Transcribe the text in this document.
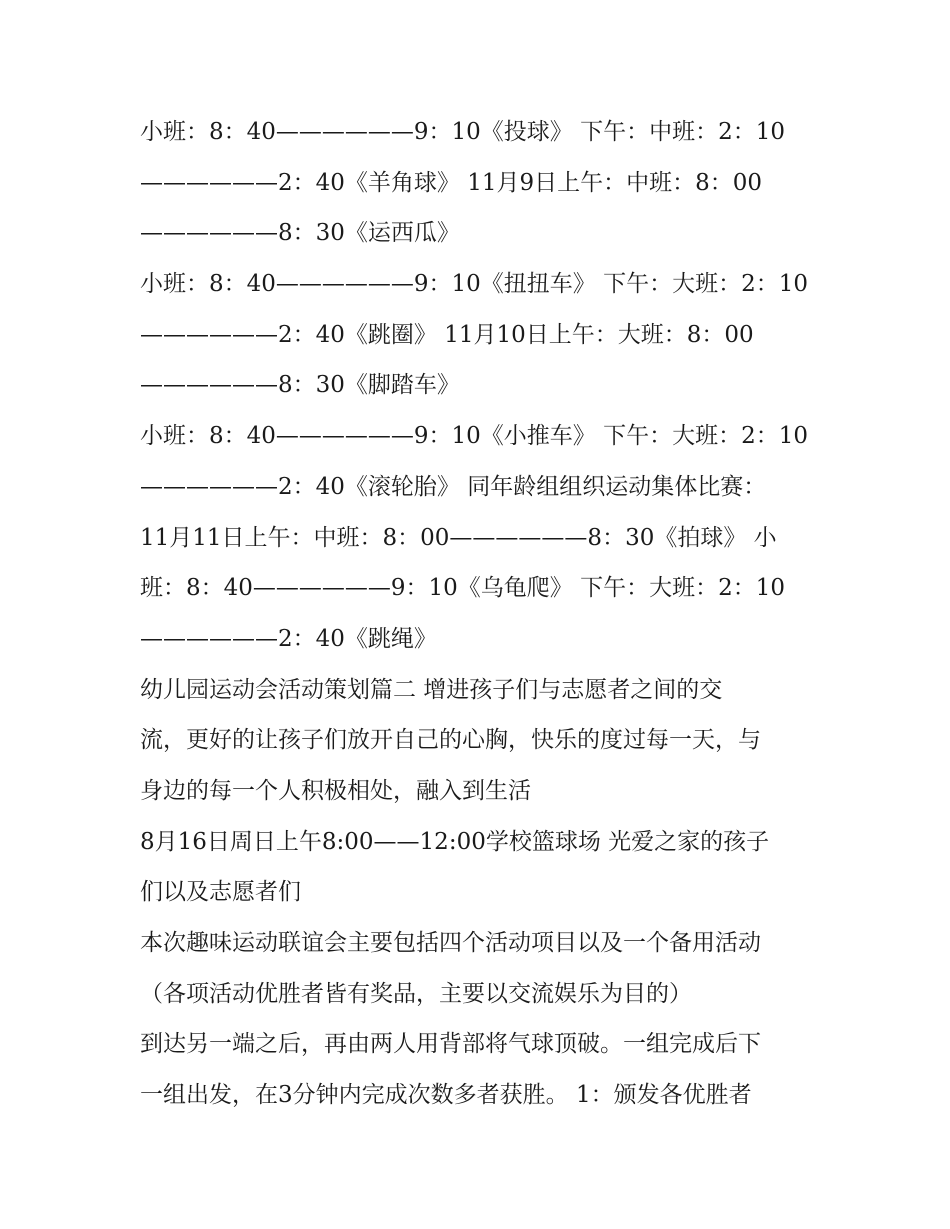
小班：8：40——————9：10《投球》 下午：中班：2：10
——————2：40《羊角球》 11月9日上午：中班：8：00
——————8：30《运西瓜》
小班：8：40——————9：10《扭扭车》 下午：大班：2：10
——————2：40《跳圈》 11月10日上午：大班：8：00
——————8：30《脚踏车》
小班：8：40——————9：10《小推车》 下午：大班：2：10
——————2：40《滚轮胎》 同年龄组组织运动集体比赛：
11月11日上午：中班：8：00——————8：30《拍球》 小
班：8：40——————9：10《乌龟爬》 下午：大班：2：10
——————2：40《跳绳》
幼儿园运动会活动策划篇二 增进孩子们与志愿者之间的交
流，更好的让孩子们放开自己的心胸，快乐的度过每一天，与
身边的每一个人积极相处，融入到生活
8月16日周日上午8:00——12:00学校篮球场 光爱之家的孩子
们以及志愿者们
本次趣味运动联谊会主要包括四个活动项目以及一个备用活动
（各项活动优胜者皆有奖品，主要以交流娱乐为目的）
到达另一端之后，再由两人用背部将气球顶破。一组完成后下
一组出发，在3分钟内完成次数多者获胜。 1：颁发各优胜者
